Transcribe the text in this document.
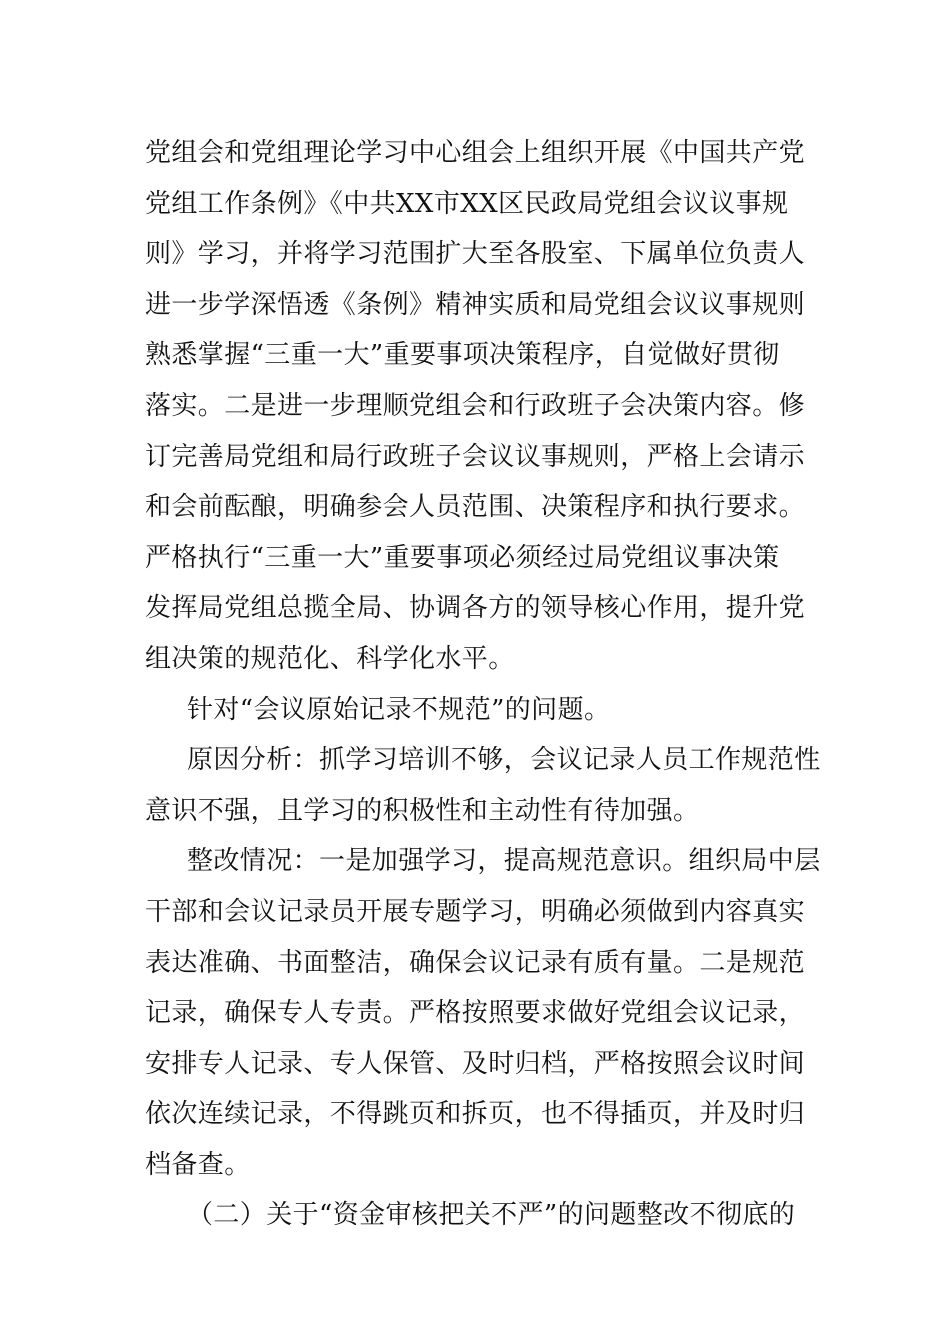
党组会和党组理论学习中心组会上组织开展《中国共产党
党组工作条例》《中共XX市XX区民政局党组会议议事规
则》学习，并将学习范围扩大至各股室、下属单位负责人
进一步学深悟透《条例》精神实质和局党组会议议事规则
熟悉掌握“三重一大”重要事项决策程序，自觉做好贯彻
落实。二是进一步理顺党组会和行政班子会决策内容。修
订完善局党组和局行政班子会议议事规则，严格上会请示
和会前酝酿，明确参会人员范围、决策程序和执行要求。
严格执行“三重一大”重要事项必须经过局党组议事决策
发挥局党组总揽全局、协调各方的领导核心作用，提升党
组决策的规范化、科学化水平。
针对“会议原始记录不规范”的问题。
原因分析：抓学习培训不够，会议记录人员工作规范性
意识不强，且学习的积极性和主动性有待加强。
整改情况：一是加强学习，提高规范意识。组织局中层
干部和会议记录员开展专题学习，明确必须做到内容真实
表达准确、书面整洁，确保会议记录有质有量。二是规范
记录，确保专人专责。严格按照要求做好党组会议记录，
安排专人记录、专人保管、及时归档，严格按照会议时间
依次连续记录，不得跳页和拆页，也不得插页，并及时归
档备查。
（二）关于“资金审核把关不严”的问题整改不彻底的
